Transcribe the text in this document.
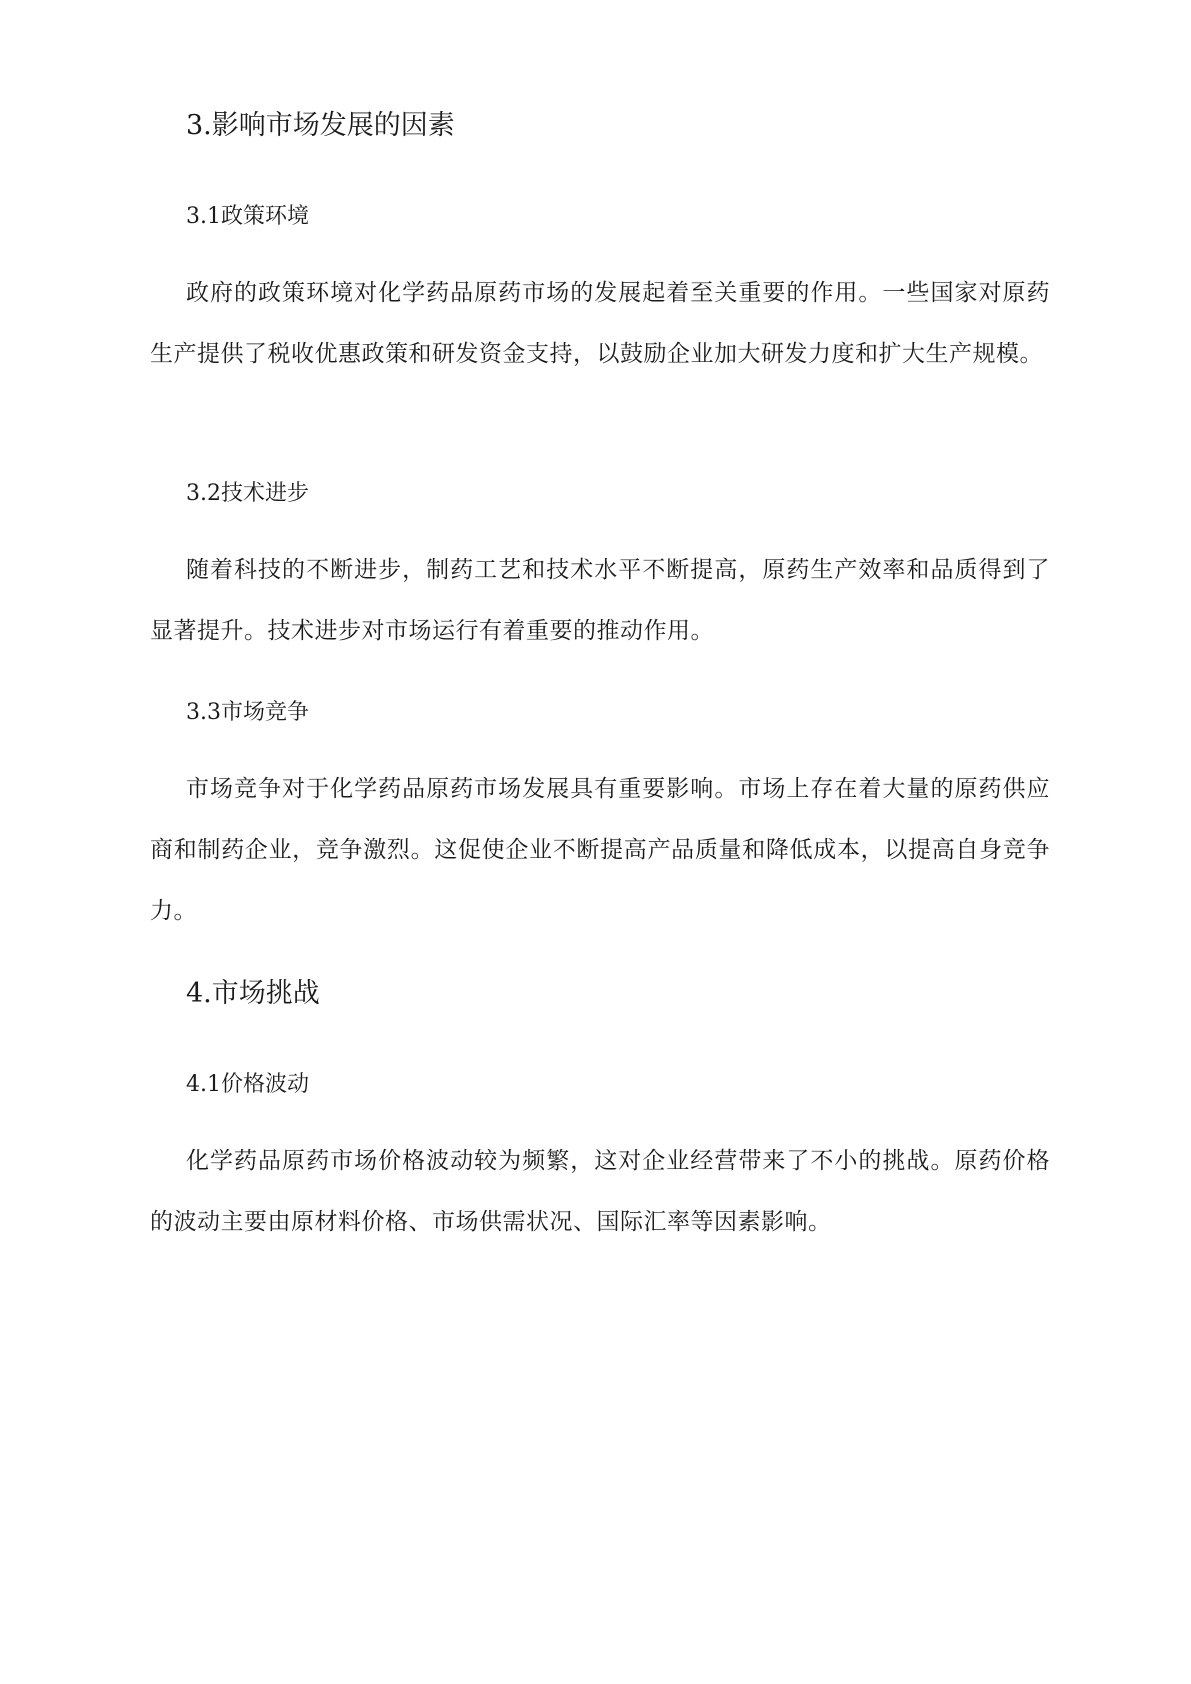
3.影响市场发展的因素
3.1政策环境

政府的政策环境对化学药品原药市场的发展起着至关重要的作用。一些国家对原药生产提供了税收优惠政策和研发资金支持，以鼓励企业加大研发力度和扩大生产规模。

3.2技术进步

随着科技的不断进步，制药工艺和技术水平不断提高，原药生产效率和品质得到了显著提升。技术进步对市场运行有着重要的推动作用。

3.3市场竞争

市场竞争对于化学药品原药市场发展具有重要影响。市场上存在着大量的原药供应商和制药企业，竞争激烈。这促使企业不断提高产品质量和降低成本，以提高自身竞争力。

4.市场挑战
4.1价格波动

化学药品原药市场价格波动较为频繁，这对企业经营带来了不小的挑战。原药价格的波动主要由原材料价格、市场供需状况、国际汇率等因素影响。
